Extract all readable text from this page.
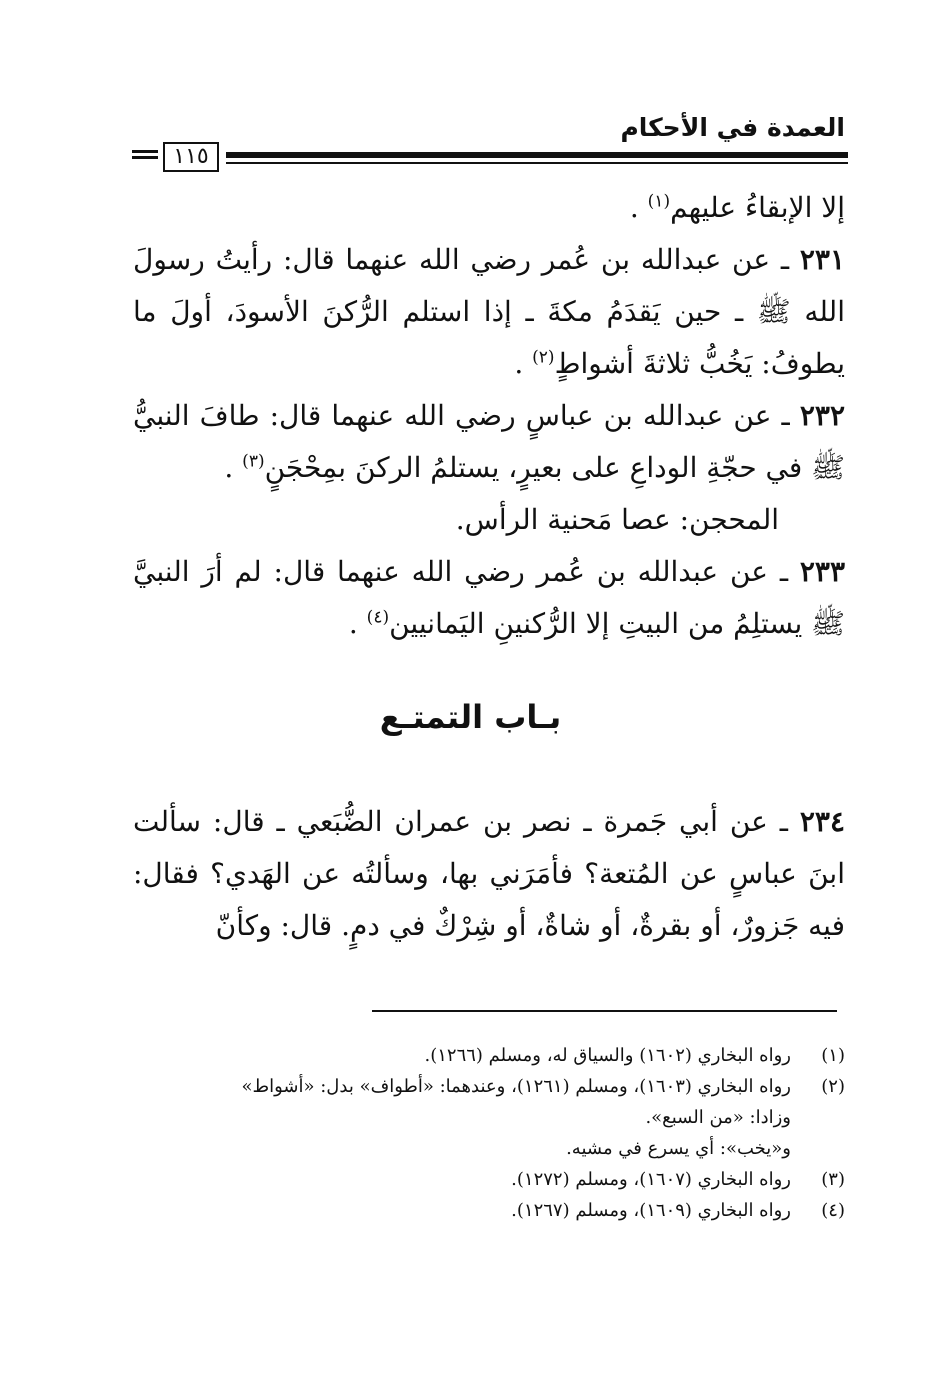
العمدة في الأحكام
١١٥

إلا الإبقاءُ عليهم$^{(١)}$ .

٢٣١ ـ عن عبدالله بن عُمر رضي الله عنهما قال: رأيتُ رسولَ الله ﷺ ـ حين يَقدَمُ مكةَ ـ إذا استلم الرُّكنَ الأسودَ، أولَ ما يطوفُ: يَخُبُّ ثلاثةَ أشواطٍ$^{(٢)}$ .

٢٣٢ ـ عن عبدالله بن عباسٍ رضي الله عنهما قال: طافَ النبيُّ ﷺ في حجّةِ الوداعِ على بعيرٍ، يستلمُ الركنَ بمِحْجَنٍ$^{(٣)}$ .

المحجن: عصا مَحنية الرأس.

٢٣٣ ـ عن عبدالله بن عُمر رضي الله عنهما قال: لم أرَ النبيَّ ﷺ يستلِمُ من البيتِ إلا الرُّكنينِ اليَمانيين$^{(٤)}$ .

بـاب التمتـع

٢٣٤ ـ عن أبي جَمرة ـ نصر بن عمران الضُّبَعي ـ قال: سألت ابنَ عباسٍ عن المُتعة؟ فأمَرَني بها، وسألتُه عن الهَدي؟ فقال: فيه جَزورٌ، أو بقرةٌ، أو شاةٌ، أو شِرْكٌ في دمٍ. قال: وكأنّ

(١)
رواه البخاري (١٦٠٢) والسياق له، ومسلم (١٢٦٦).
(٢)
رواه البخاري (١٦٠٣)، ومسلم (١٢٦١)، وعندهما: «أطواف» بدل: «أشواط»
وزادا: «من السبع».
و«يخب»: أي يسرع في مشيه.
(٣)
رواه البخاري (١٦٠٧)، ومسلم (١٢٧٢).
(٤)
رواه البخاري (١٦٠٩)، ومسلم (١٢٦٧).
